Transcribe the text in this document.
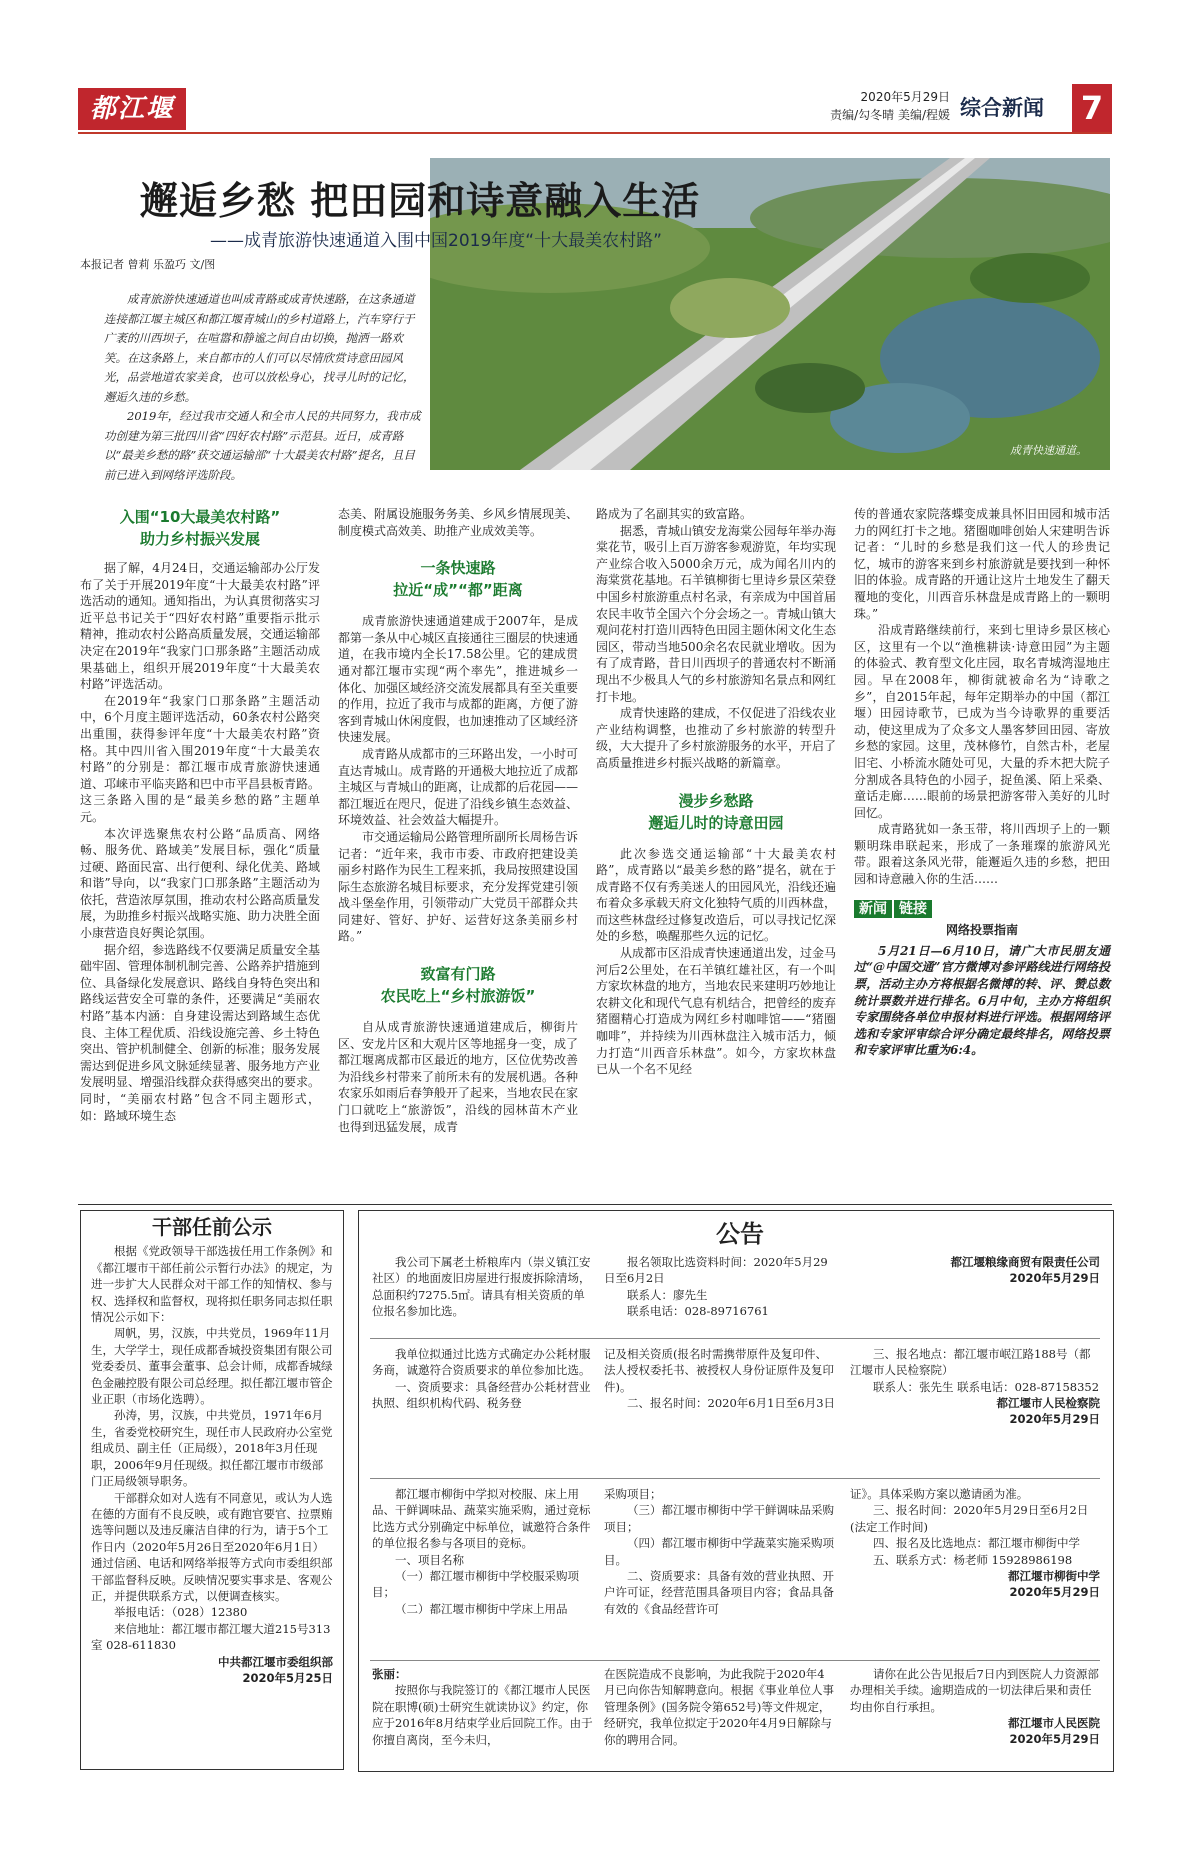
都江堰报
2020年5月29日
责编/勾冬晴 美编/程媛 综合新闻	7
邂逅乡愁 把田园和诗意融入生活
——成青旅游快速通道入围中国2019年度“十大最美农村路”
本报记者 曾莉 乐盈巧 文/图

成青旅游快速通道也叫成青路或成青快速路，在这条通道连接都江堰主城区和都江堰青城山的乡村道路上，汽车穿行于广袤的川西坝子，在喧嚣和静谧之间自由切换，抛洒一路欢笑。在这条路上，来自都市的人们可以尽情欣赏诗意田园风光，品尝地道农家美食，也可以放松身心，找寻儿时的记忆，邂逅久违的乡愁。

2019年，经过我市交通人和全市人民的共同努力，我市成功创建为第三批四川省“四好农村路”示范县。近日，成青路以“最美乡愁的路”获交通运输部“十大最美农村路”提名，且目前已进入到网络评选阶段。

成青快速通道。
入围“10大最美农村路”
助力乡村振兴发展

据了解，4月24日，交通运输部办公厅发布了关于开展2019年度“十大最美农村路”评选活动的通知。通知指出，为认真贯彻落实习近平总书记关于“四好农村路”重要指示批示精神，推动农村公路高质量发展，交通运输部决定在2019年“我家门口那条路”主题活动成果基础上，组织开展2019年度“十大最美农村路”评选活动。

在2019年“我家门口那条路”主题活动中，6个月度主题评选活动，60条农村公路突出重围，获得参评年度“十大最美农村路”资格。其中四川省入围2019年度“十大最美农村路”的分别是：都江堰市成青旅游快速通道、邛崃市平临夹路和巴中市平昌县板青路。这三条路入围的是“最美乡愁的路”主题单元。

本次评选聚焦农村公路“品质高、网络畅、服务优、路域美”发展目标，强化“质量过硬、路面民富、出行便利、绿化优美、路域和谐”导向，以“我家门口那条路”主题活动为依托，营造浓厚氛围，推动农村公路高质量发展，为助推乡村振兴战略实施、助力决胜全面小康营造良好舆论氛围。

据介绍，参选路线不仅要满足质量安全基础牢固、管理体制机制完善、公路养护措施到位、具备绿化发展意识、路线自身特色突出和路线运营安全可靠的条件，还要满足“美丽农村路”基本内涵：自身建设需达到路域生态优良、主体工程优质、沿线设施完善、乡土特色突出、管护机制健全、创新的标准；服务发展需达到促进乡风文脉延续显著、服务地方产业发展明显、增强沿线群众获得感突出的要求。同时，“美丽农村路”包含不同主题形式，如：路域环境生态

态美、附属设施服务务美、乡风乡情展现美、制度模式高效美、助推产业成效美等。

一条快速路
拉近“成”“都”距离

成青旅游快速通道建成于2007年，是成都第一条从中心城区直接通往三圈层的快速通道，在我市境内全长17.58公里。它的建成贯通对都江堰市实现“两个率先”，推进城乡一体化、加强区域经济交流发展都具有至关重要的作用，拉近了我市与成都的距离，方便了游客到青城山休闲度假，也加速推动了区域经济快速发展。

成青路从成都市的三环路出发，一小时可直达青城山。成青路的开通极大地拉近了成都主城区与青城山的距离，让成都的后花园——都江堰近在咫尺，促进了沿线乡镇生态效益、环境效益、社会效益大幅提升。

市交通运输局公路管理所副所长周杨告诉记者：“近年来，我市市委、市政府把建设美丽乡村路作为民生工程来抓，我局按照建设国际生态旅游名城目标要求，充分发挥党建引领战斗堡垒作用，引领带动广大党员干部群众共同建好、管好、护好、运营好这条美丽乡村路。”

致富有门路
农民吃上“乡村旅游饭”

自从成青旅游快速通道建成后，柳街片区、安龙片区和大观片区等地摇身一变，成了都江堰离成都市区最近的地方，区位优势改善为沿线乡村带来了前所未有的发展机遇。各种农家乐如雨后春笋般开了起来，当地农民在家门口就吃上“旅游饭”，沿线的园林苗木产业也得到迅猛发展，成青

路成为了名副其实的致富路。

据悉，青城山镇安龙海棠公园每年举办海棠花节，吸引上百万游客参观游览，年均实现产业综合收入5000余万元，成为闻名川内的海棠赏花基地。石羊镇柳街七里诗乡景区荣登中国乡村旅游重点村名录，有亲成为中国首届农民丰收节全国六个分会场之一。青城山镇大观问花村打造川西特色田园主题休闲文化生态园区，带动当地500余名农民就业增收。因为有了成青路，昔日川西坝子的普通农村不断涌现出不少极具人气的乡村旅游知名景点和网红打卡地。

成青快速路的建成，不仅促进了沿线农业产业结构调整，也推动了乡村旅游的转型升级，大大提升了乡村旅游服务的水平，开启了高质量推进乡村振兴战略的新篇章。

漫步乡愁路
邂逅儿时的诗意田园

此次参选交通运输部“十大最美农村路”，成青路以“最美乡愁的路”提名，就在于成青路不仅有秀美迷人的田园风光，沿线还遍布着众多承载天府文化独特气质的川西林盘，而这些林盘经过修复改造后，可以寻找记忆深处的乡愁，唤醒那些久远的记忆。

从成都市区沿成青快速通道出发，过金马河后2公里处，在石羊镇红雄社区，有一个叫方家坎林盘的地方，当地农民来建明巧妙地让农耕文化和现代气息有机结合，把曾经的废弃猪圈精心打造成为网红乡村咖啡馆——“猪圈咖啡”，并持续为川西林盘注入城市活力，倾力打造“川西音乐林盘”。如今，方家坎林盘已从一个名不见经

传的普通农家院落蝶变成兼具怀旧田园和城市活力的网红打卡之地。猪圈咖啡创始人宋建明告诉记者：“儿时的乡愁是我们这一代人的珍贵记忆，城市的游客来到乡村旅游就是要找到一种怀旧的体验。成青路的开通让这片土地发生了翻天覆地的变化，川西音乐林盘是成青路上的一颗明珠。”

沿成青路继续前行，来到七里诗乡景区核心区，这里有一个以“渔樵耕读·诗意田园”为主题的体验式、教育型文化庄园，取名青城湾湿地庄园。早在2008年，柳街就被命名为“诗歌之乡”，自2015年起，每年定期举办的中国（都江堰）田园诗歌节，已成为当今诗歌界的重要活动，使这里成为了众多文人墨客梦回田园、寄放乡愁的家园。这里，茂林修竹，自然古朴，老屋旧宅、小桥流水随处可见，大量的乔木把大院子分割成各具特色的小园子，捉鱼溪、陌上采桑、童话走廊……眼前的场景把游客带入美好的儿时回忆。

成青路犹如一条玉带，将川西坝子上的一颗颗明珠串联起来，形成了一条璀璨的旅游风光带。跟着这条风光带，能邂逅久违的乡愁，把田园和诗意融入你的生活……

新闻 链接
网络投票指南

5月21日—6月10日，请广大市民朋友通过“@中国交通”官方微博对参评路线进行网络投票，活动主办方将根据名微博的转、评、赞总数统计票数并进行排名。6月中旬，主办方将组织专家围绕各单位申报材料进行评选。根据网络评选和专家评审综合评分确定最终排名，网络投票和专家评审比重为6:4。

干部任前公示

根据《党政领导干部选拔任用工作条例》和《都江堰市干部任前公示暂行办法》的规定，为进一步扩大人民群众对干部工作的知情权、参与权、选择权和监督权，现将拟任职务同志拟任职情况公示如下：

周帆，男，汉族，中共党员，1969年11月生，大学学士，现任成都香城投资集团有限公司党委委员、董事会董事、总会计师，成都香城绿色金融控股有限公司总经理。拟任都江堰市管企业正职（市场化选聘）。

孙涛，男，汉族，中共党员，1971年6月生，省委党校研究生，现任市人民政府办公室党组成员、副主任（正局级），2018年3月任现职，2006年9月任现级。拟任都江堰市市级部门正局级领导职务。

干部群众如对人选有不同意见，或认为人选在德的方面有不良反映，或有跑官要官、拉票贿选等问题以及违反廉洁自律的行为，请于5个工作日内（2020年5月26日至2020年6月1日）通过信函、电话和网络举报等方式向市委组织部干部监督科反映。反映情况要实事求是、客观公正，并提供联系方式，以便调查核实。

举报电话：（028）12380

来信地址：都江堰市都江堰大道215号313室 028-611830

中共都江堰市委组织部
2020年5月25日
公告

我公司下属老土桥粮库内（崇义镇江安社区）的地面废旧房屋进行报废拆除清场，总面积约7275.5㎡。请具有相关资质的单位报名参加比选。

报名领取比选资料时间：2020年5月29日至6月2日

联系人：廖先生

联系电话：028-89716761

都江堰粮缘商贸有限责任公司
2020年5月29日

我单位拟通过比选方式确定办公耗材服务商，诚邀符合资质要求的单位参加比选。

一、资质要求：具备经营办公耗材营业执照、组织机构代码、税务登

记及相关资质(报名时需携带原件及复印件、法人授权委托书、被授权人身份证原件及复印件)。

二、报名时间：2020年6月1日至6月3日

三、报名地点：都江堰市岷江路188号（都江堰市人民检察院）

联系人：张先生 联系电话：028-87158352

都江堰市人民检察院
2020年5月29日

都江堰市柳街中学拟对校服、床上用品、干鲜调味品、蔬菜实施采购，通过竞标比选方式分别确定中标单位，诚邀符合条件的单位报名参与各项目的竞标。

一、项目名称

（一）都江堰市柳街中学校服采购项目；

（二）都江堰市柳街中学床上用品

采购项目；

（三）都江堰市柳街中学干鲜调味品采购项目；

（四）都江堰市柳街中学蔬菜实施采购项目。

二、资质要求：具备有效的营业执照、开户许可证，经营范围具备项目内容；食品具备有效的《食品经营许可

证》。具体采购方案以邀请函为准。

三、报名时间：2020年5月29日至6月2日(法定工作时间)

四、报名及比选地点：都江堰市柳街中学

五、联系方式：杨老师 15928986198

都江堰市柳街中学
2020年5月29日
张丽：

按照你与我院签订的《都江堰市人民医院在职博(硕)士研究生就读协议》约定，你应于2016年8月结束学业后回院工作。由于你擅自离岗，至今未归，

在医院造成不良影响，为此我院于2020年4月已向你告知解聘意向。根据《事业单位人事管理条例》(国务院令第652号)等文件规定，经研究，我单位拟定于2020年4月9日解除与你的聘用合同。

请你在此公告见报后7日内到医院人力资源部办理相关手续。逾期造成的一切法律后果和责任均由你自行承担。

都江堰市人民医院
2020年5月29日
